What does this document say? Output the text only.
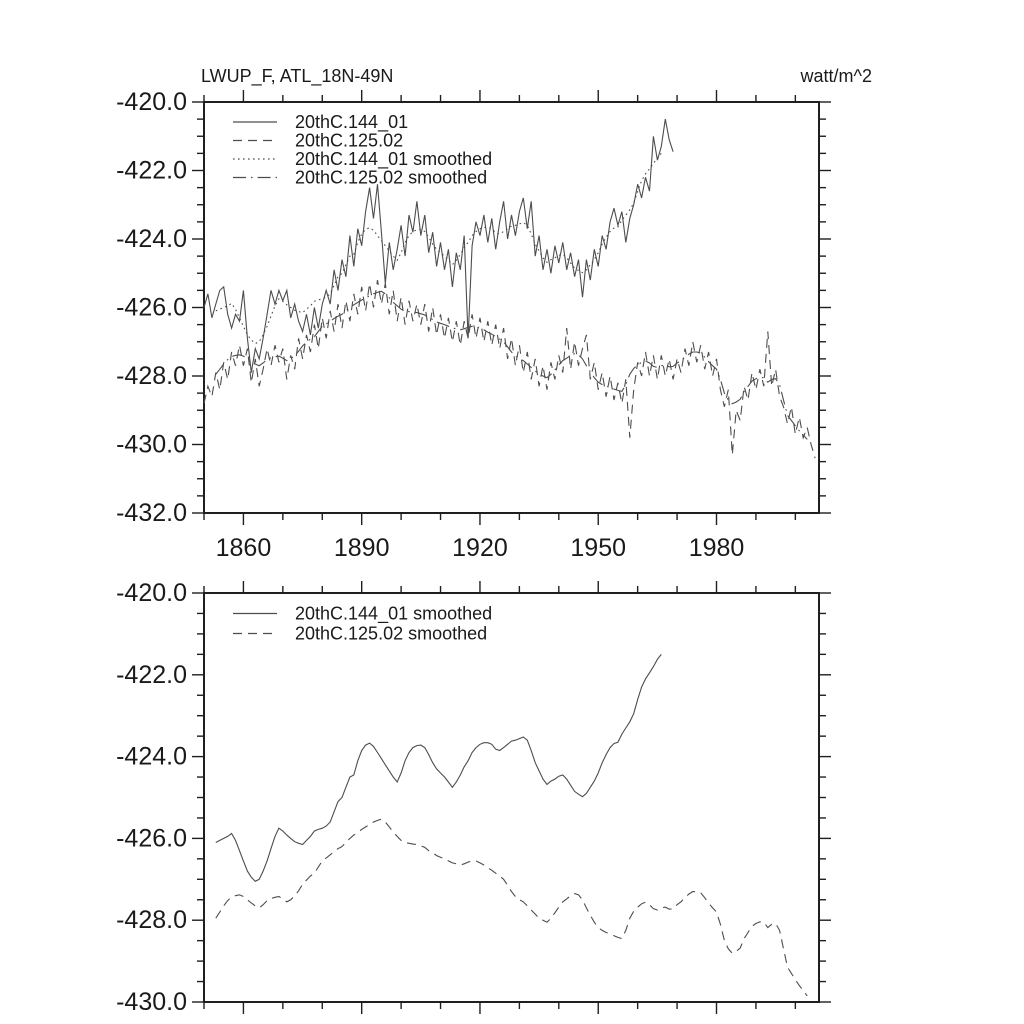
LWUP_F, ATL_18N-49N	watt/m^2
1860	1890	1920	1950	1980
-420.0
-422.0
-424.0
-426.0
-428.0
-430.0
-432.0
20thC.144_01
20thC.125.02
20thC.144_01 smoothed
20thC.125.02 smoothed
-420.0
-422.0
-424.0
-426.0
-428.0
-430.0
20thC.144_01 smoothed
20thC.125.02 smoothed
